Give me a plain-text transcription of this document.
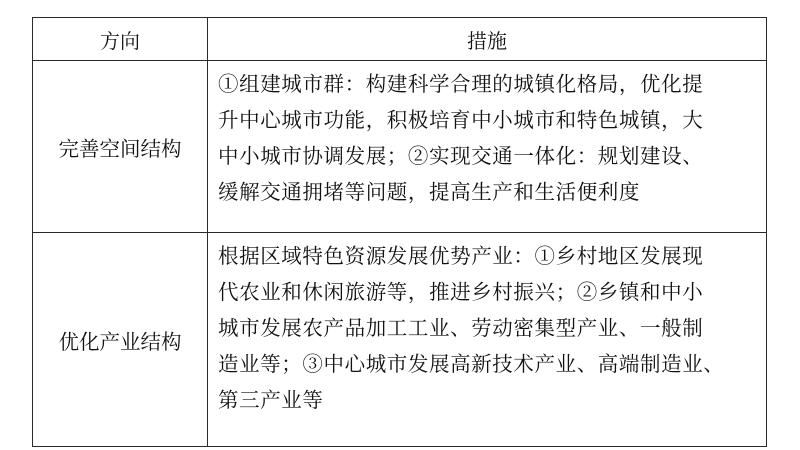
方向	措施
完善空间结构	①组建城市群：构建科学合理的城镇化格局，优化提
升中心城市功能，积极培育中小城市和特色城镇，大
中小城市协调发展；②实现交通一体化：规划建设、
缓解交通拥堵等问题，提高生产和生活便利度

优化产业结构	根据区域特色资源发展优势产业：①乡村地区发展现
代农业和休闲旅游等，推进乡村振兴；②乡镇和中小
城市发展农产品加工工业、劳动密集型产业、一般制
造业等；③中心城市发展高新技术产业、高端制造业、
第三产业等
